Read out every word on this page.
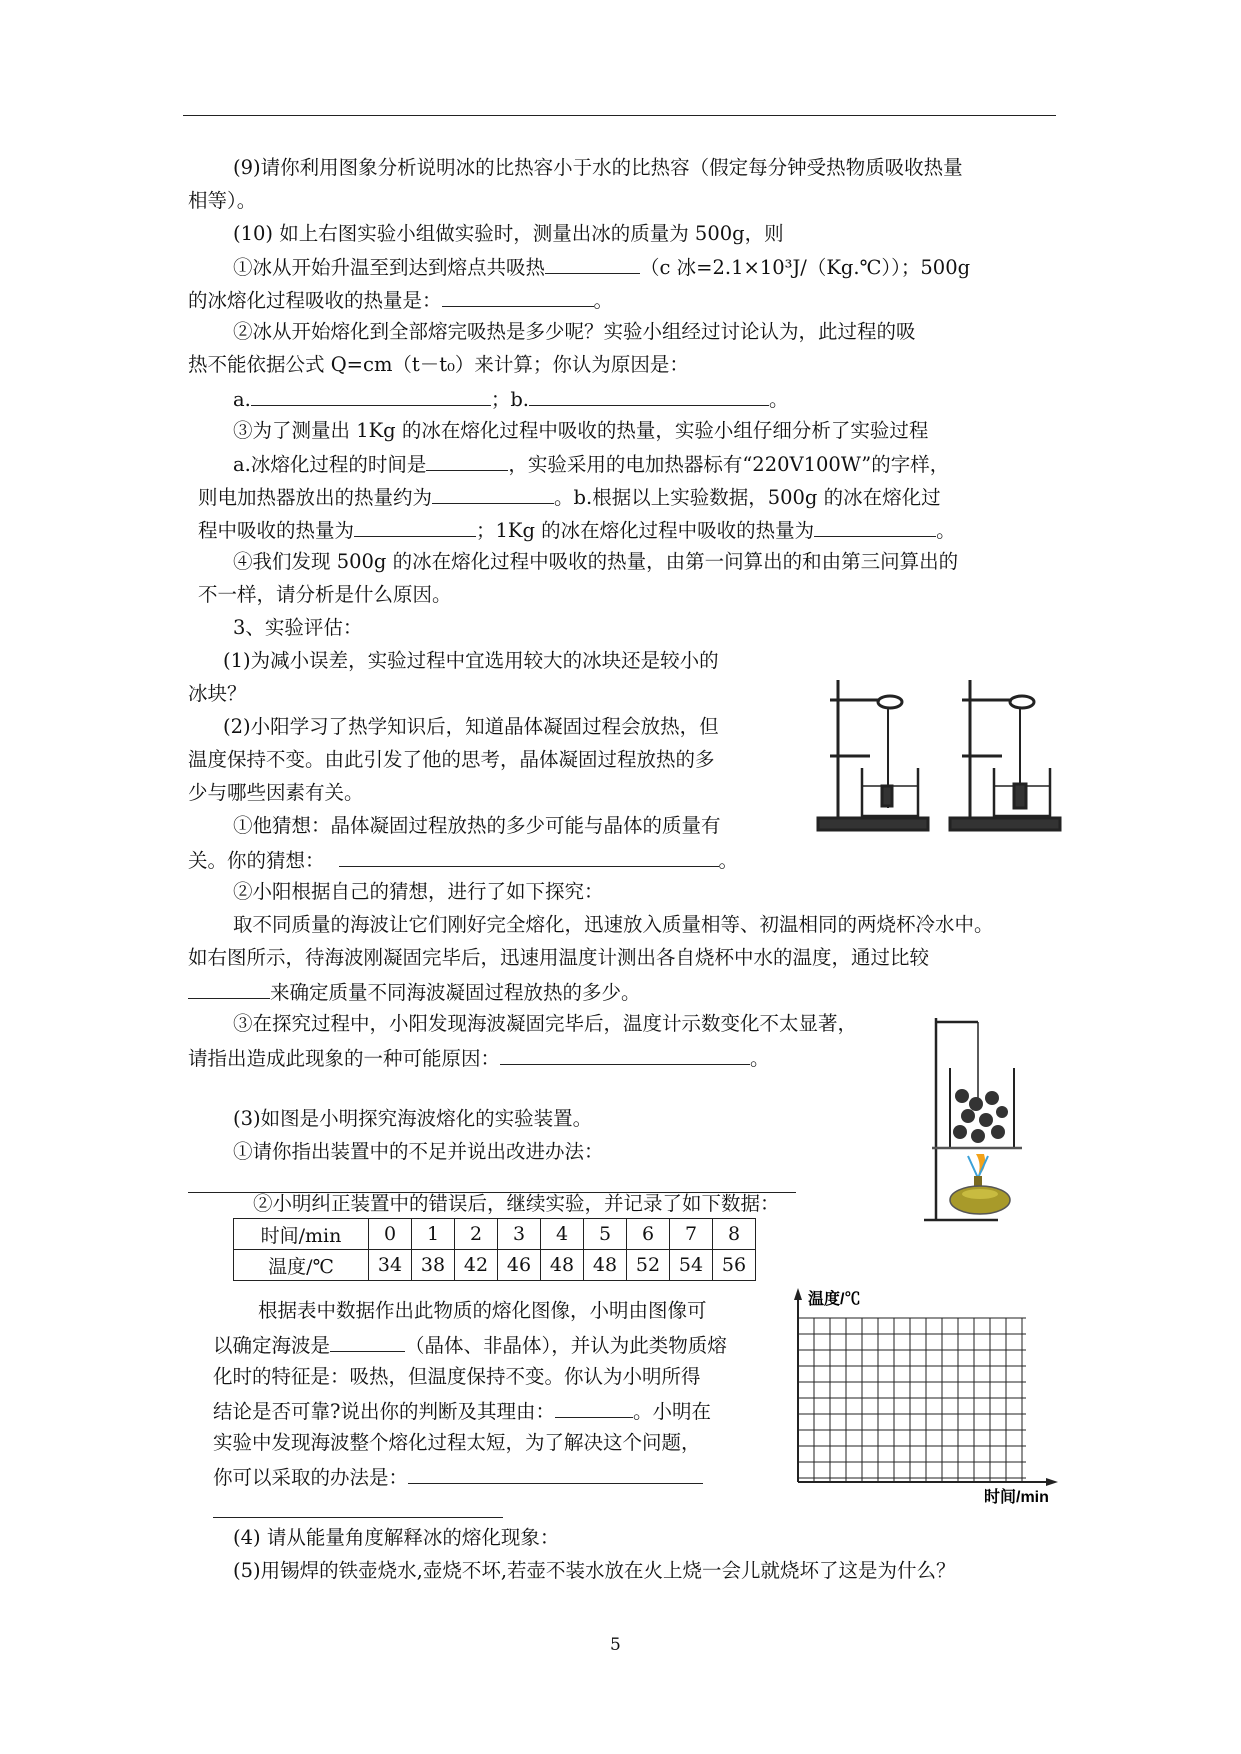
(9)请你利用图象分析说明冰的比热容小于水的比热容（假定每分钟受热物质吸收热量
相等）。
(10) 如上右图实验小组做实验时，测量出冰的质量为 500g，则
①冰从开始升温至到达到熔点共吸热	（c 冰=2.1×10³J/（Kg.℃））；500g
的冰熔化过程吸收的热量是：	。
②冰从开始熔化到全部熔完吸热是多少呢？实验小组经过讨论认为，此过程的吸
热不能依据公式 Q=cm（t－t₀）来计算；你认为原因是：
a.	；b.	。
③为了测量出 1Kg 的冰在熔化过程中吸收的热量，实验小组仔细分析了实验过程
a.冰熔化过程的时间是	，实验采用的电加热器标有“220V100W”的字样，
则电加热器放出的热量约为	。b.根据以上实验数据，500g 的冰在熔化过
程中吸收的热量为	；1Kg 的冰在熔化过程中吸收的热量为	。
④我们发现 500g 的冰在熔化过程中吸收的热量，由第一问算出的和由第三问算出的
不一样，请分析是什么原因。
3、实验评估：
(1)为减小误差，实验过程中宜选用较大的冰块还是较小的
冰块？
(2)小阳学习了热学知识后，知道晶体凝固过程会放热，但
温度保持不变。由此引发了他的思考，晶体凝固过程放热的多
少与哪些因素有关。
①他猜想：晶体凝固过程放热的多少可能与晶体的质量有
关。你的猜想：	。
②小阳根据自己的猜想，进行了如下探究：
取不同质量的海波让它们刚好完全熔化，迅速放入质量相等、初温相同的两烧杯冷水中。
如右图所示，待海波刚凝固完毕后，迅速用温度计测出各自烧杯中水的温度，通过比较
来确定质量不同海波凝固过程放热的多少。
③在探究过程中，小阳发现海波凝固完毕后，温度计示数变化不太显著，
请指出造成此现象的一种可能原因：	。
(3)如图是小明探究海波熔化的实验装置。
①请你指出装置中的不足并说出改进办法：
②小明纠正装置中的错误后，继续实验，并记录了如下数据：
时间/min	0	1	2	3	4	5	6	7	8
温度/℃	34	38	42	46	48	48	52	54	56
根据表中数据作出此物质的熔化图像，小明由图像可
以确定海波是	（晶体、非晶体），并认为此类物质熔
化时的特征是：吸热，但温度保持不变。你认为小明所得
结论是否可靠?说出你的判断及其理由：	。小明在
实验中发现海波整个熔化过程太短，为了解决这个问题，
你可以采取的办法是：
(4) 请从能量角度解释冰的熔化现象：
(5)用锡焊的铁壶烧水,壶烧不坏,若壶不装水放在火上烧一会儿就烧坏了这是为什么？
温度/℃
时间/min
5
